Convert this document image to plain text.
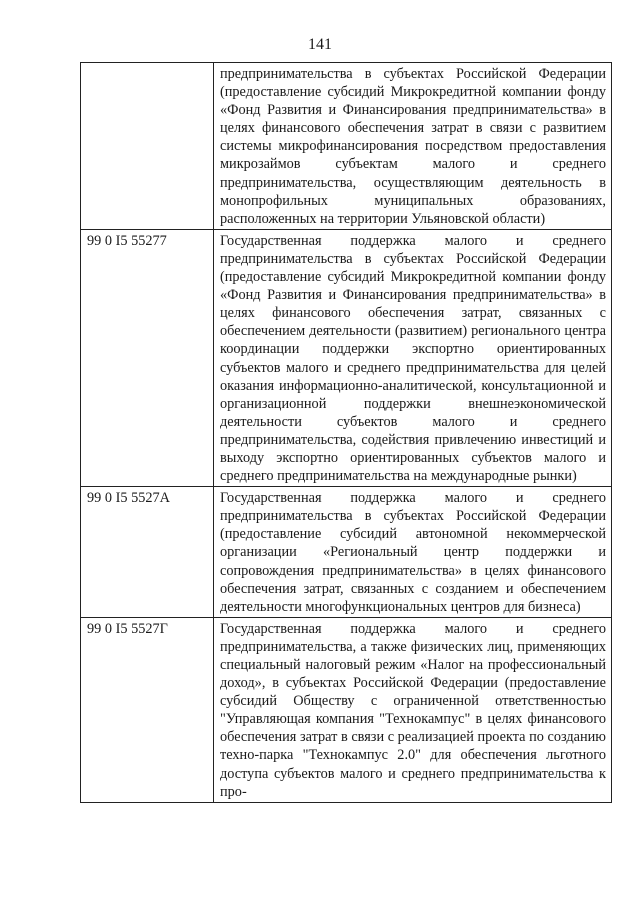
141
	предпринимательства в субъектах Российской Федерации (предоставление субсидий Микрокредитной компании фонду «Фонд Развития и Финансирования предпринимательства» в целях финансового обеспечения затрат в связи с развитием системы микрофинансирования посредством предоставления микрозаймов субъектам малого и среднего предпринимательства, осуществляющим деятельность в монопрофильных муниципальных образованиях, расположенных на территории Ульяновской области)
99 0 I5 55277	Государственная поддержка малого и среднего предпринимательства в субъектах Российской Федерации (предоставление субсидий Микрокредитной компании фонду «Фонд Развития и Финансирования предпринимательства» в целях финансового обеспечения затрат, связанных с обеспечением деятельности (развитием) регионального центра координации поддержки экспортно ориентированных субъектов малого и среднего предпринимательства для целей оказания информационно-аналитической, консультационной и организационной поддержки внешнеэкономической деятельности субъектов малого и среднего предпринимательства, содействия привлечению инвестиций и выходу экспортно ориентированных субъектов малого и среднего предпринимательства на международные рынки)
99 0 I5 5527А	Государственная поддержка малого и среднего предпринимательства в субъектах Российской Федерации (предоставление субсидий автономной некоммерческой организации «Региональный центр поддержки и сопровождения предпринимательства» в целях финансового обеспечения затрат, связанных с созданием и обеспечением деятельности многофункциональных центров для бизнеса)
99 0 I5 5527Г	Государственная поддержка малого и среднего предпринимательства, а также физических лиц, применяющих специальный налоговый режим «Налог на профессиональный доход», в субъектах Российской Федерации (предоставление субсидий Обществу с ограниченной ответственностью "Управляющая компания "Технокампус" в целях финансового обеспечения затрат в связи с реализацией проекта по созданию техно-парка "Технокампус 2.0" для обеспечения льготного доступа субъектов малого и среднего предпринимательства к про-
